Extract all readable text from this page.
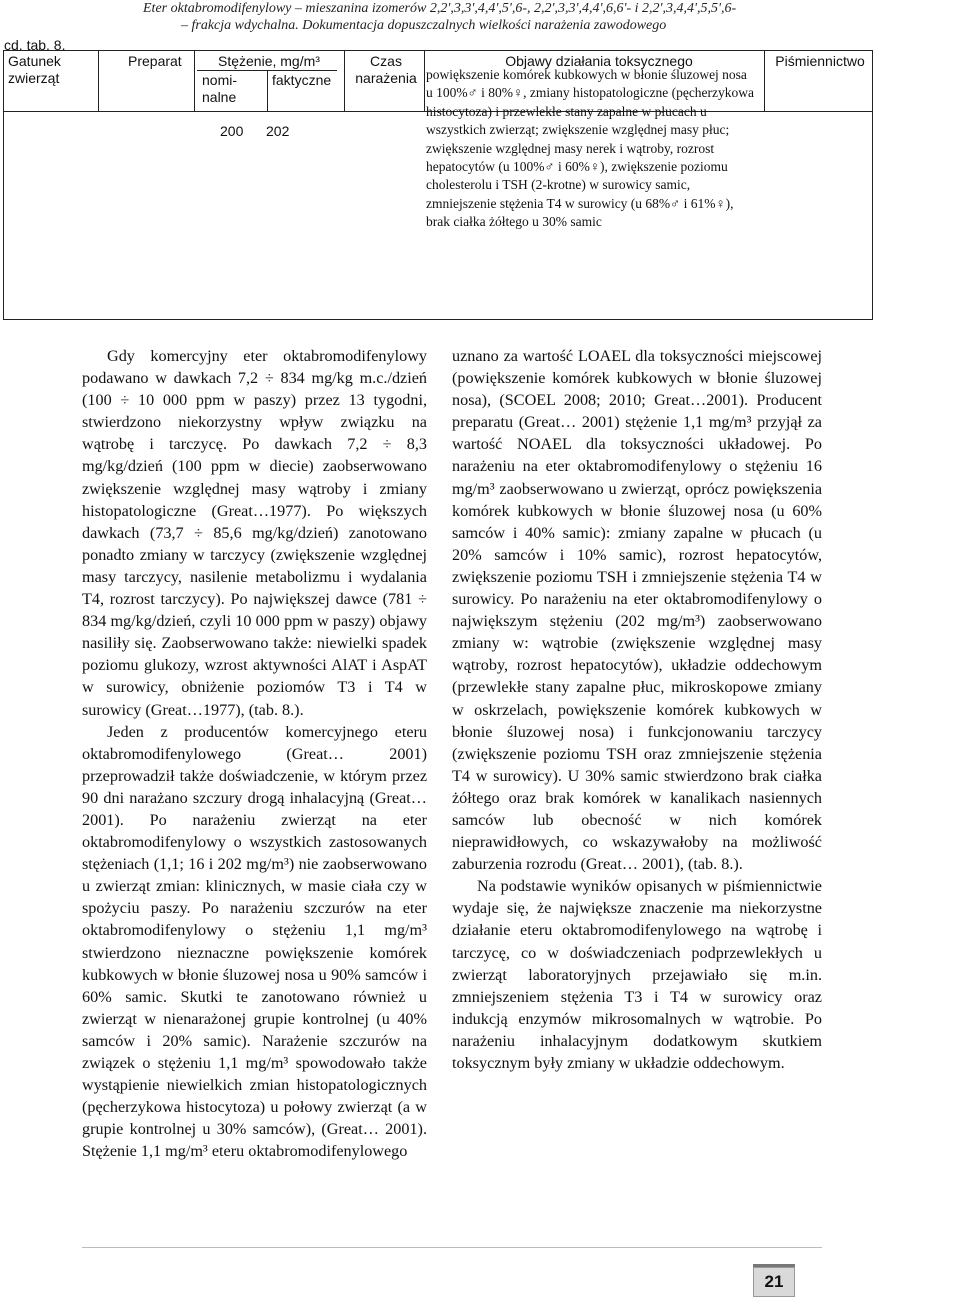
Eter oktabromodifenylowy – mieszanina izomerów 2,2',3,3',4,4',5',6-, 2,2',3,3',4,4',6,6'- i 2,2',3,4,4',5,5',6-
– frakcja wdychalna. Dokumentacja dopuszczalnych wielkości narażenia zawodowego
cd. tab. 8.
Gatunek zwierząt
Preparat	Stężenie, mg/m³
nomi- nalne
faktyczne
Czas narażenia
Objawy działania toksycznego	Piśmiennictwo
200 202
powiększenie komórek kubkowych w błonie śluzowej nosa u 100%♂ i 80%♀, zmiany histopatologiczne (pęcherzykowa histocytoza) i przewlekłe stany zapalne w płucach u wszystkich zwierząt; zwiększenie względnej masy płuc; zwiększenie względnej masy nerek i wątroby, rozrost hepatocytów (u 100%♂ i 60%♀), zwiększenie poziomu cholesterolu i TSH (2-krotne) w surowicy samic, zmniejszenie stężenia T4 w surowicy (u 68%♂ i 61%♀), brak ciałka żółtego u 30% samic

Gdy komercyjny eter oktabromodifenylowy podawano w dawkach 7,2 ÷ 834 mg/kg m.c./dzień (100 ÷ 10 000 ppm w paszy) przez 13 tygodni, stwierdzono niekorzystny wpływ związku na wątrobę i tarczycę. Po dawkach 7,2 ÷ 8,3 mg/kg/dzień (100 ppm w diecie) zaobserwowano zwiększenie względnej masy wątroby i zmiany histopatologiczne (Great…1977). Po większych dawkach (73,7 ÷ 85,6 mg/kg/dzień) zanotowano ponadto zmiany w tarczycy (zwiększenie względnej masy tarczycy, nasilenie metabolizmu i wydalania T4, rozrost tarczycy). Po największej dawce (781 ÷ 834 mg/kg/dzień, czyli 10 000 ppm w paszy) objawy nasiliły się. Zaobserwowano także: niewielki spadek poziomu glukozy, wzrost aktywności AlAT i AspAT w surowicy, obniżenie poziomów T3 i T4 w surowicy (Great…1977), (tab. 8.).

Jeden z producentów komercyjnego eteru oktabromodifenylowego (Great… 2001) przeprowadził także doświadczenie, w którym przez 90 dni narażano szczury drogą inhalacyjną (Great… 2001). Po narażeniu zwierząt na eter oktabromodifenylowy o wszystkich zastosowanych stężeniach (1,1; 16 i 202 mg/m³) nie zaobserwowano u zwierząt zmian: klinicznych, w masie ciała czy w spożyciu paszy. Po narażeniu szczurów na eter oktabromodifenylowy o stężeniu 1,1 mg/m³ stwierdzono nieznaczne powiększenie komórek kubkowych w błonie śluzowej nosa u 90% samców i 60% samic. Skutki te zanotowano również u zwierząt w nienarażonej grupie kontrolnej (u 40% samców i 20% samic). Narażenie szczurów na związek o stężeniu 1,1 mg/m³ spowodowało także wystąpienie niewielkich zmian histopatologicznych (pęcherzykowa histocytoza) u połowy zwierząt (a w grupie kontrolnej u 30% samców), (Great… 2001). Stężenie 1,1 mg/m³ eteru oktabromodifenylowego

uznano za wartość LOAEL dla toksyczności miejscowej (powiększenie komórek kubkowych w błonie śluzowej nosa), (SCOEL 2008; 2010; Great…2001). Producent preparatu (Great… 2001) stężenie 1,1 mg/m³ przyjął za wartość NOAEL dla toksyczności układowej. Po narażeniu na eter oktabromodifenylowy o stężeniu 16 mg/m³ zaobserwowano u zwierząt, oprócz powiększenia komórek kubkowych w błonie śluzowej nosa (u 60% samców i 40% samic): zmiany zapalne w płucach (u 20% samców i 10% samic), rozrost hepatocytów, zwiększenie poziomu TSH i zmniejszenie stężenia T4 w surowicy. Po narażeniu na eter oktabromodifenylowy o największym stężeniu (202 mg/m³) zaobserwowano zmiany w: wątrobie (zwiększenie względnej masy wątroby, rozrost hepatocytów), układzie oddechowym (przewlekłe stany zapalne płuc, mikroskopowe zmiany w oskrzelach, powiększenie komórek kubkowych w błonie śluzowej nosa) i funkcjonowaniu tarczycy (zwiększenie poziomu TSH oraz zmniejszenie stężenia T4 w surowicy). U 30% samic stwierdzono brak ciałka żółtego oraz brak komórek w kanalikach nasiennych samców lub obecność w nich komórek nieprawidłowych, co wskazywałoby na możliwość zaburzenia rozrodu (Great… 2001), (tab. 8.).

Na podstawie wyników opisanych w piśmiennictwie wydaje się, że największe znaczenie ma niekorzystne działanie eteru oktabromodifenylowego na wątrobę i tarczycę, co w doświadczeniach podprzewlekłych u zwierząt laboratoryjnych przejawiało się m.in. zmniejszeniem stężenia T3 i T4 w surowicy oraz indukcją enzymów mikrosomalnych w wątrobie. Po narażeniu inhalacyjnym dodatkowym skutkiem toksycznym były zmiany w układzie oddechowym.

21
